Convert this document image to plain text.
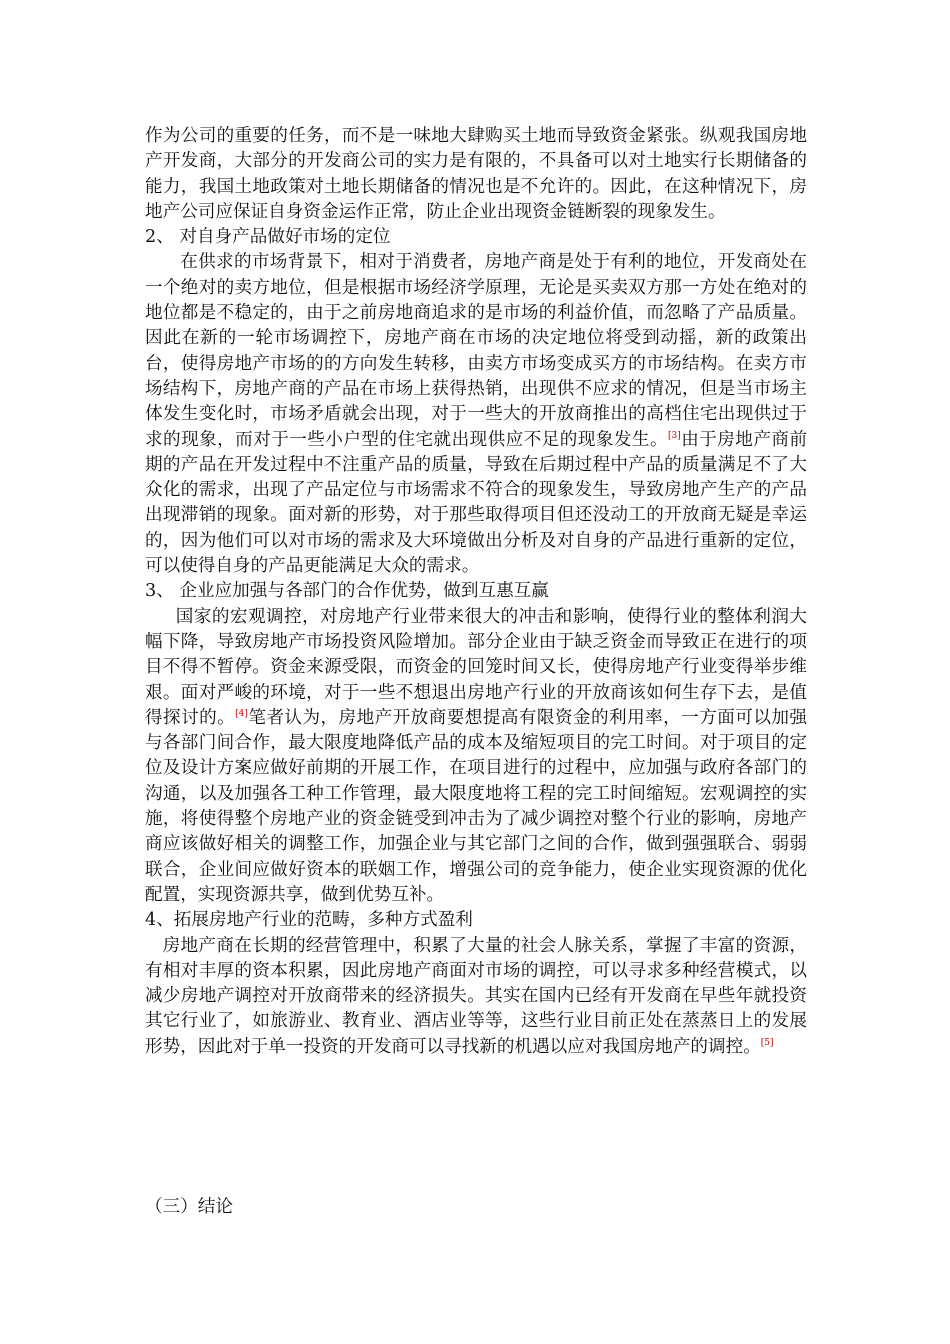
作为公司的重要的任务，而不是一味地大肆购买土地而导致资金紧张。纵观我国房地产开发商，大部分的开发商公司的实力是有限的，不具备可以对土地实行长期储备的能力，我国土地政策对土地长期储备的情况也是不允许的。因此，在这种情况下，房地产公司应保证自身资金运作正常，防止企业出现资金链断裂的现象发生。

2、 对自身产品做好市场的定位

在供求的市场背景下，相对于消费者，房地产商是处于有利的地位，开发商处在一个绝对的卖方地位，但是根据市场经济学原理，无论是买卖双方那一方处在绝对的地位都是不稳定的，由于之前房地商追求的是市场的利益价值，而忽略了产品质量。因此在新的一轮市场调控下，房地产商在市场的决定地位将受到动摇，新的政策出台，使得房地产市场的的方向发生转移，由卖方市场变成买方的市场结构。在卖方市场结构下，房地产商的产品在市场上获得热销，出现供不应求的情况，但是当市场主体发生变化时，市场矛盾就会出现，对于一些大的开放商推出的高档住宅出现供过于求的现象，而对于一些小户型的住宅就出现供应不足的现象发生。[3]由于房地产商前期的产品在开发过程中不注重产品的质量，导致在后期过程中产品的质量满足不了大众化的需求，出现了产品定位与市场需求不符合的现象发生，导致房地产生产的产品出现滞销的现象。面对新的形势，对于那些取得项目但还没动工的开放商无疑是幸运的，因为他们可以对市场的需求及大环境做出分析及对自身的产品进行重新的定位，可以使得自身的产品更能满足大众的需求。

3、 企业应加强与各部门的合作优势，做到互惠互赢

国家的宏观调控，对房地产行业带来很大的冲击和影响，使得行业的整体利润大幅下降，导致房地产市场投资风险增加。部分企业由于缺乏资金而导致正在进行的项目不得不暂停。资金来源受限，而资金的回笼时间又长，使得房地产行业变得举步维艰。面对严峻的环境，对于一些不想退出房地产行业的开放商该如何生存下去，是值得探讨的。[4]笔者认为，房地产开放商要想提高有限资金的利用率，一方面可以加强与各部门间合作，最大限度地降低产品的成本及缩短项目的完工时间。对于项目的定位及设计方案应做好前期的开展工作，在项目进行的过程中，应加强与政府各部门的沟通，以及加强各工种工作管理，最大限度地将工程的完工时间缩短。宏观调控的实施，将使得整个房地产业的资金链受到冲击为了减少调控对整个行业的影响，房地产商应该做好相关的调整工作，加强企业与其它部门之间的合作，做到强强联合、弱弱联合，企业间应做好资本的联姻工作，增强公司的竞争能力，使企业实现资源的优化配置，实现资源共享，做到优势互补。

4、拓展房地产行业的范畴，多种方式盈利

房地产商在长期的经营管理中，积累了大量的社会人脉关系，掌握了丰富的资源，有相对丰厚的资本积累，因此房地产商面对市场的调控，可以寻求多种经营模式，以减少房地产调控对开放商带来的经济损失。其实在国内已经有开发商在早些年就投资其它行业了，如旅游业、教育业、酒店业等等，这些行业目前正处在蒸蒸日上的发展形势，因此对于单一投资的开发商可以寻找新的机遇以应对我国房地产的调控。[5]

（三）结论
